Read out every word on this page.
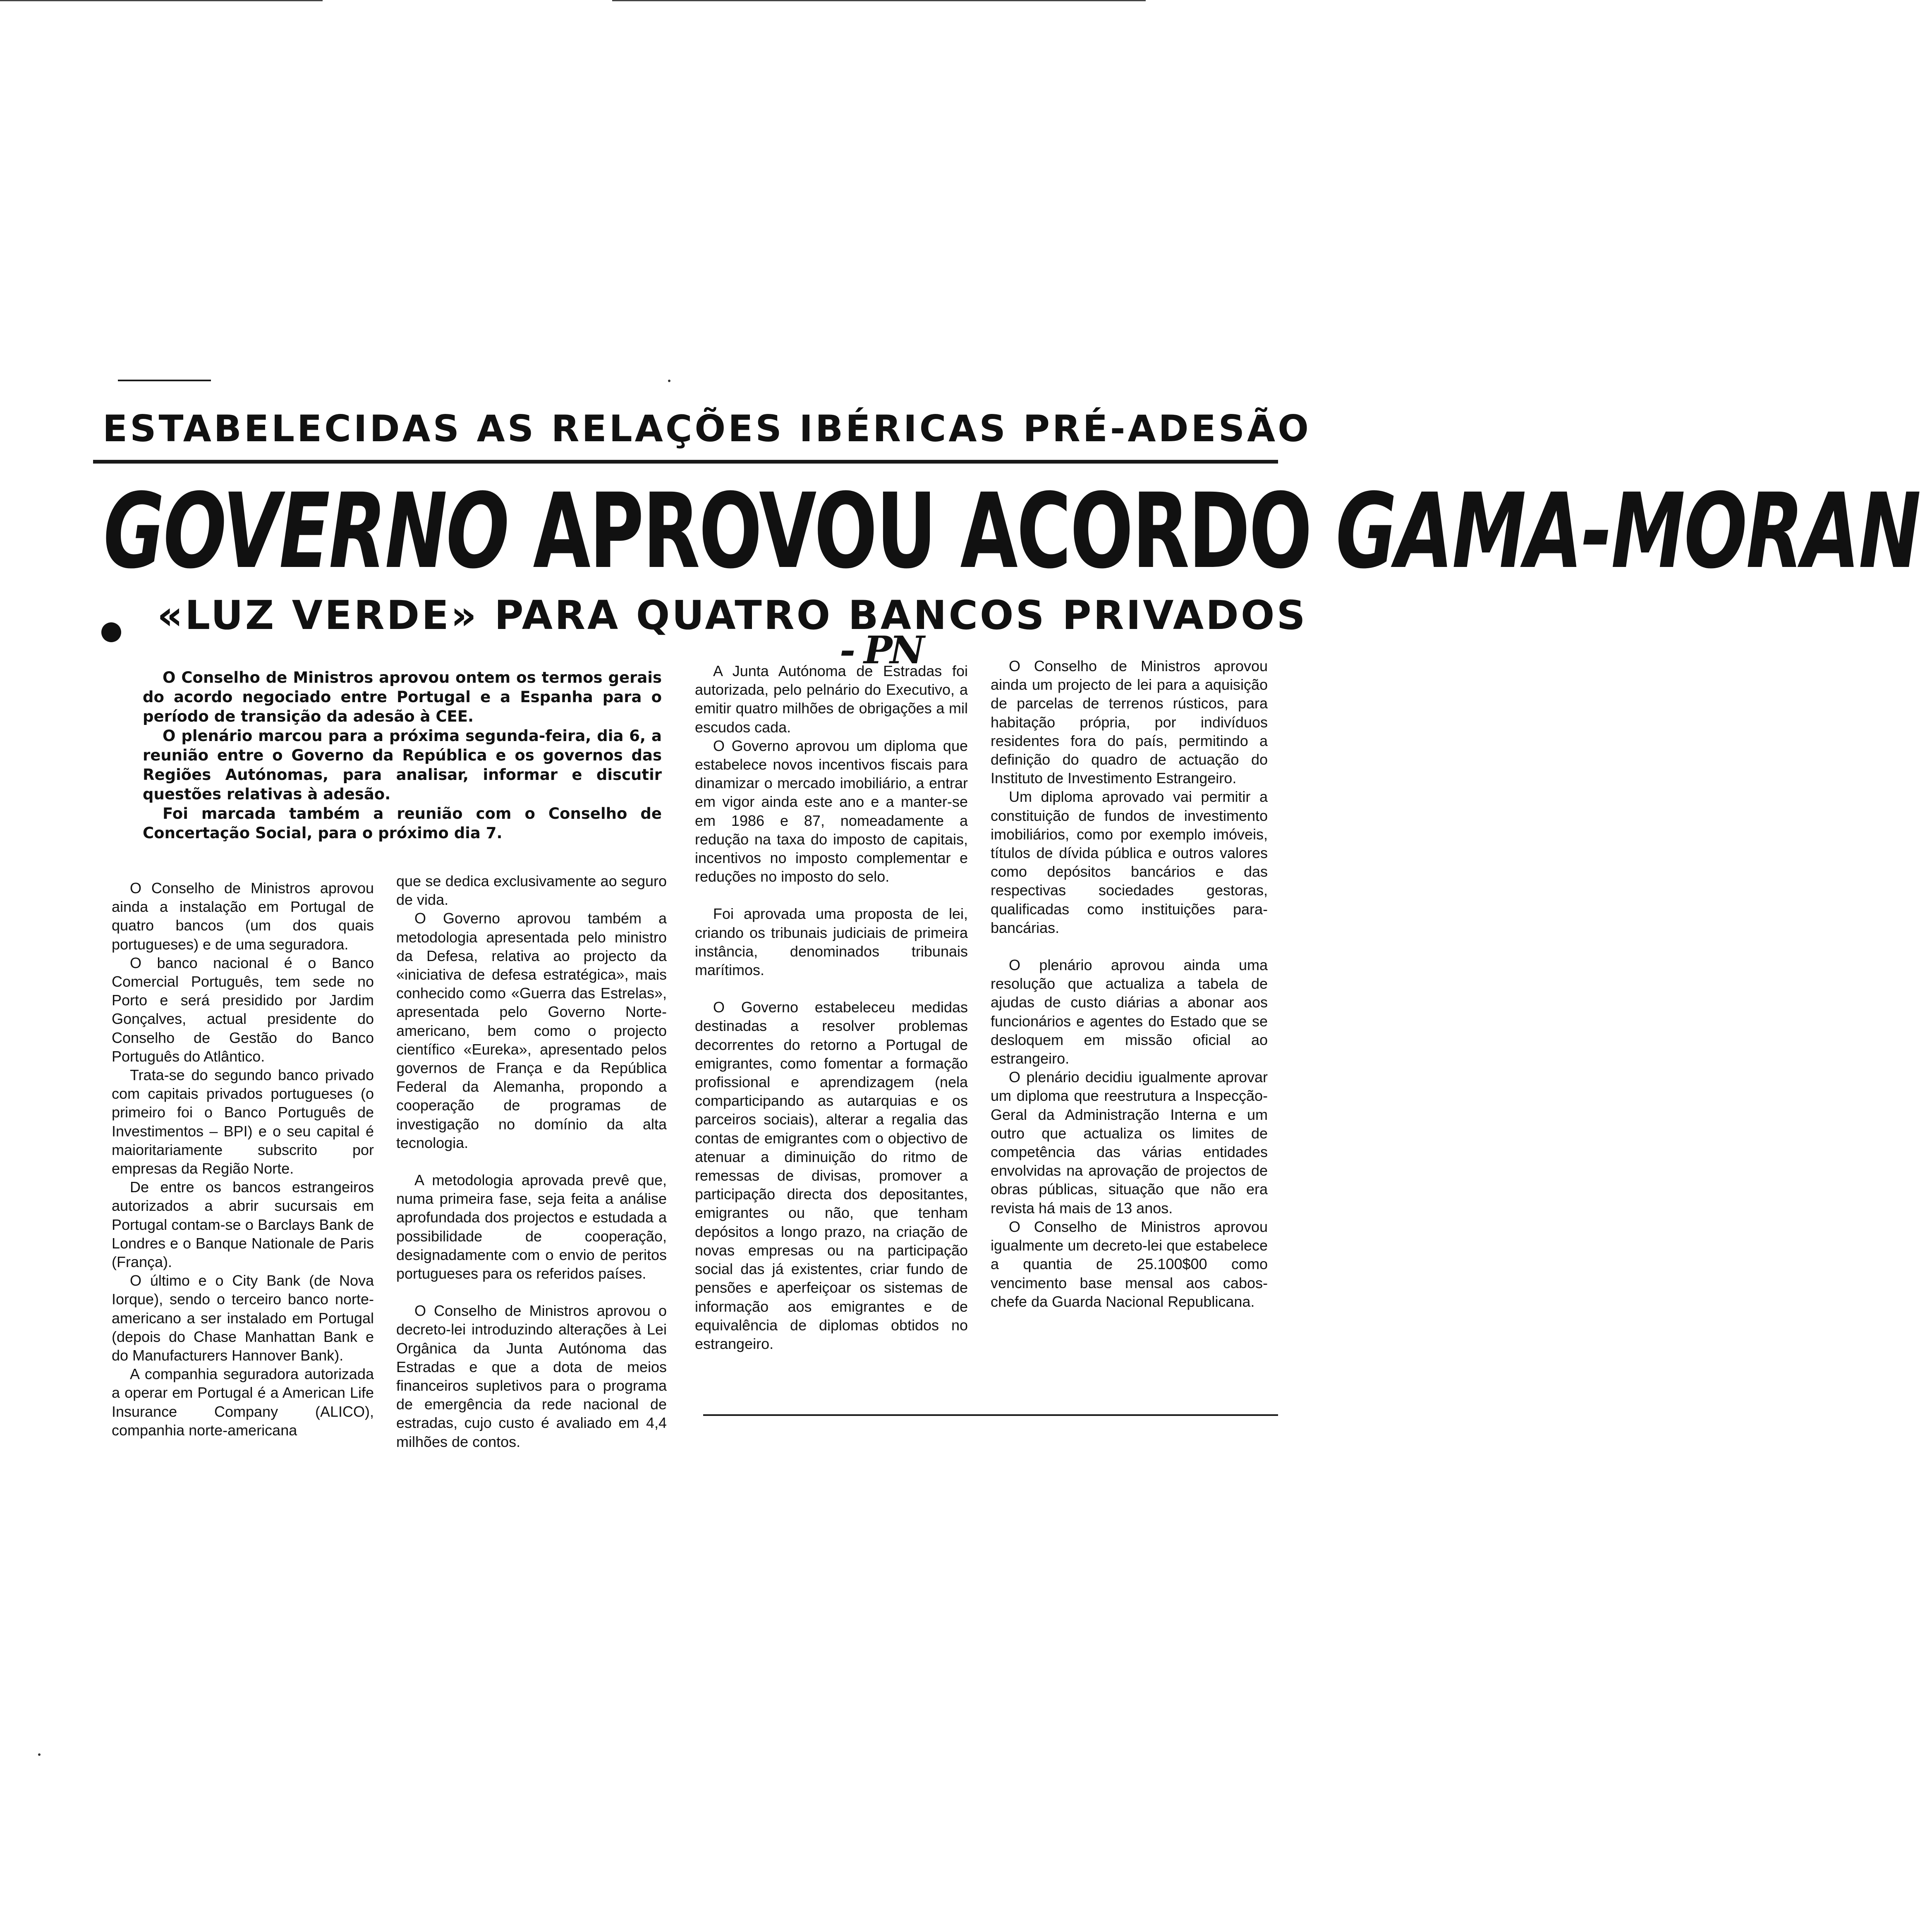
ESTABELECIDAS AS RELAÇÕES IBÉRICAS PRÉ-ADESÃO
GOVERNO APROVOU ACORDO GAMA-MORAN
«LUZ VERDE» PARA QUATRO BANCOS PRIVADOS
- PN

O Conselho de Ministros aprovou ontem os termos gerais do acordo negociado entre Portugal e a Espanha para o período de transição da adesão à CEE.

O plenário marcou para a próxima segunda-feira, dia 6, a reunião entre o Governo da República e os governos das Regiões Autónomas, para analisar, informar e discutir questões relativas à adesão.

Foi marcada também a reunião com o Conselho de Concertação Social, para o próximo dia 7.

O Conselho de Ministros aprovou ainda a instalação em Portugal de quatro bancos (um dos quais portugueses) e de uma seguradora.

O banco nacional é o Banco Comercial Português, tem sede no Porto e será presidido por Jardim Gonçalves, actual presidente do Conselho de Gestão do Banco Português do Atlântico.

Trata-se do segundo banco privado com capitais privados portugueses (o primeiro foi o Banco Português de Investimentos – BPI) e o seu capital é maioritariamente subscrito por empresas da Região Norte.

De entre os bancos estrangeiros autorizados a abrir sucursais em Portugal contam-se o Barclays Bank de Londres e o Banque Nationale de Paris (França).

O último e o City Bank (de Nova Iorque), sendo o terceiro banco norte-americano a ser instalado em Portugal (depois do Chase Manhattan Bank e do Manufacturers Hannover Bank).

A companhia seguradora autorizada a operar em Portugal é a American Life Insurance Company (ALICO), companhia norte-americana

que se dedica exclusivamente ao seguro de vida.

O Governo aprovou também a metodologia apresentada pelo ministro da Defesa, relativa ao projecto da «iniciativa de defesa estratégica», mais conhecido como «Guerra das Estrelas», apresentada pelo Governo Norte-americano, bem como o projecto científico «Eureka», apresentado pelos governos de França e da República Federal da Alemanha, propondo a cooperação de programas de investigação no domínio da alta tecnologia.

A metodologia aprovada prevê que, numa primeira fase, seja feita a análise aprofundada dos projectos e estudada a possibilidade de cooperação, designadamente com o envio de peritos portugueses para os referidos países.

O Conselho de Ministros aprovou o decreto-lei introduzindo alterações à Lei Orgânica da Junta Autónoma das Estradas e que a dota de meios financeiros supletivos para o programa de emergência da rede nacional de estradas, cujo custo é avaliado em 4,4 milhões de contos.

A Junta Autónoma de Estradas foi autorizada, pelo pelnário do Executivo, a emitir quatro milhões de obrigações a mil escudos cada.

O Governo aprovou um diploma que estabelece novos incentivos fiscais para dinamizar o mercado imobiliário, a entrar em vigor ainda este ano e a manter-se em 1986 e 87, nomeadamente a redução na taxa do imposto de capitais, incentivos no imposto complementar e reduções no imposto do selo.

Foi aprovada uma proposta de lei, criando os tribunais judiciais de primeira instância, denominados tribunais marítimos.

O Governo estabeleceu medidas destinadas a resolver problemas decorrentes do retorno a Portugal de emigrantes, como fomentar a formação profissional e aprendizagem (nela comparticipando as autarquias e os parceiros sociais), alterar a regalia das contas de emigrantes com o objectivo de atenuar a diminuição do ritmo de remessas de divisas, promover a participação directa dos depositantes, emigrantes ou não, que tenham depósitos a longo prazo, na criação de novas empresas ou na participação social das já existentes, criar fundo de pensões e aperfeiçoar os sistemas de informação aos emigrantes e de equivalência de diplomas obtidos no estrangeiro.

O Conselho de Ministros aprovou ainda um projecto de lei para a aquisição de parcelas de terrenos rústicos, para habitação própria, por indivíduos residentes fora do país, permitindo a definição do quadro de actuação do Instituto de Investimento Estrangeiro.

Um diploma aprovado vai permitir a constituição de fundos de investimento imobiliários, como por exemplo imóveis, títulos de dívida pública e outros valores como depósitos bancários e das respectivas sociedades gestoras, qualificadas como instituições para-bancárias.

O plenário aprovou ainda uma resolução que actualiza a tabela de ajudas de custo diárias a abonar aos funcionários e agentes do Estado que se desloquem em missão oficial ao estrangeiro.

O plenário decidiu igualmente aprovar um diploma que reestrutura a Inspecção-Geral da Administração Interna e um outro que actualiza os limites de competência das várias entidades envolvidas na aprovação de projectos de obras públicas, situação que não era revista há mais de 13 anos.

O Conselho de Ministros aprovou igualmente um decreto-lei que estabelece a quantia de 25.100$00 como vencimento base mensal aos cabos-chefe da Guarda Nacional Republicana.
